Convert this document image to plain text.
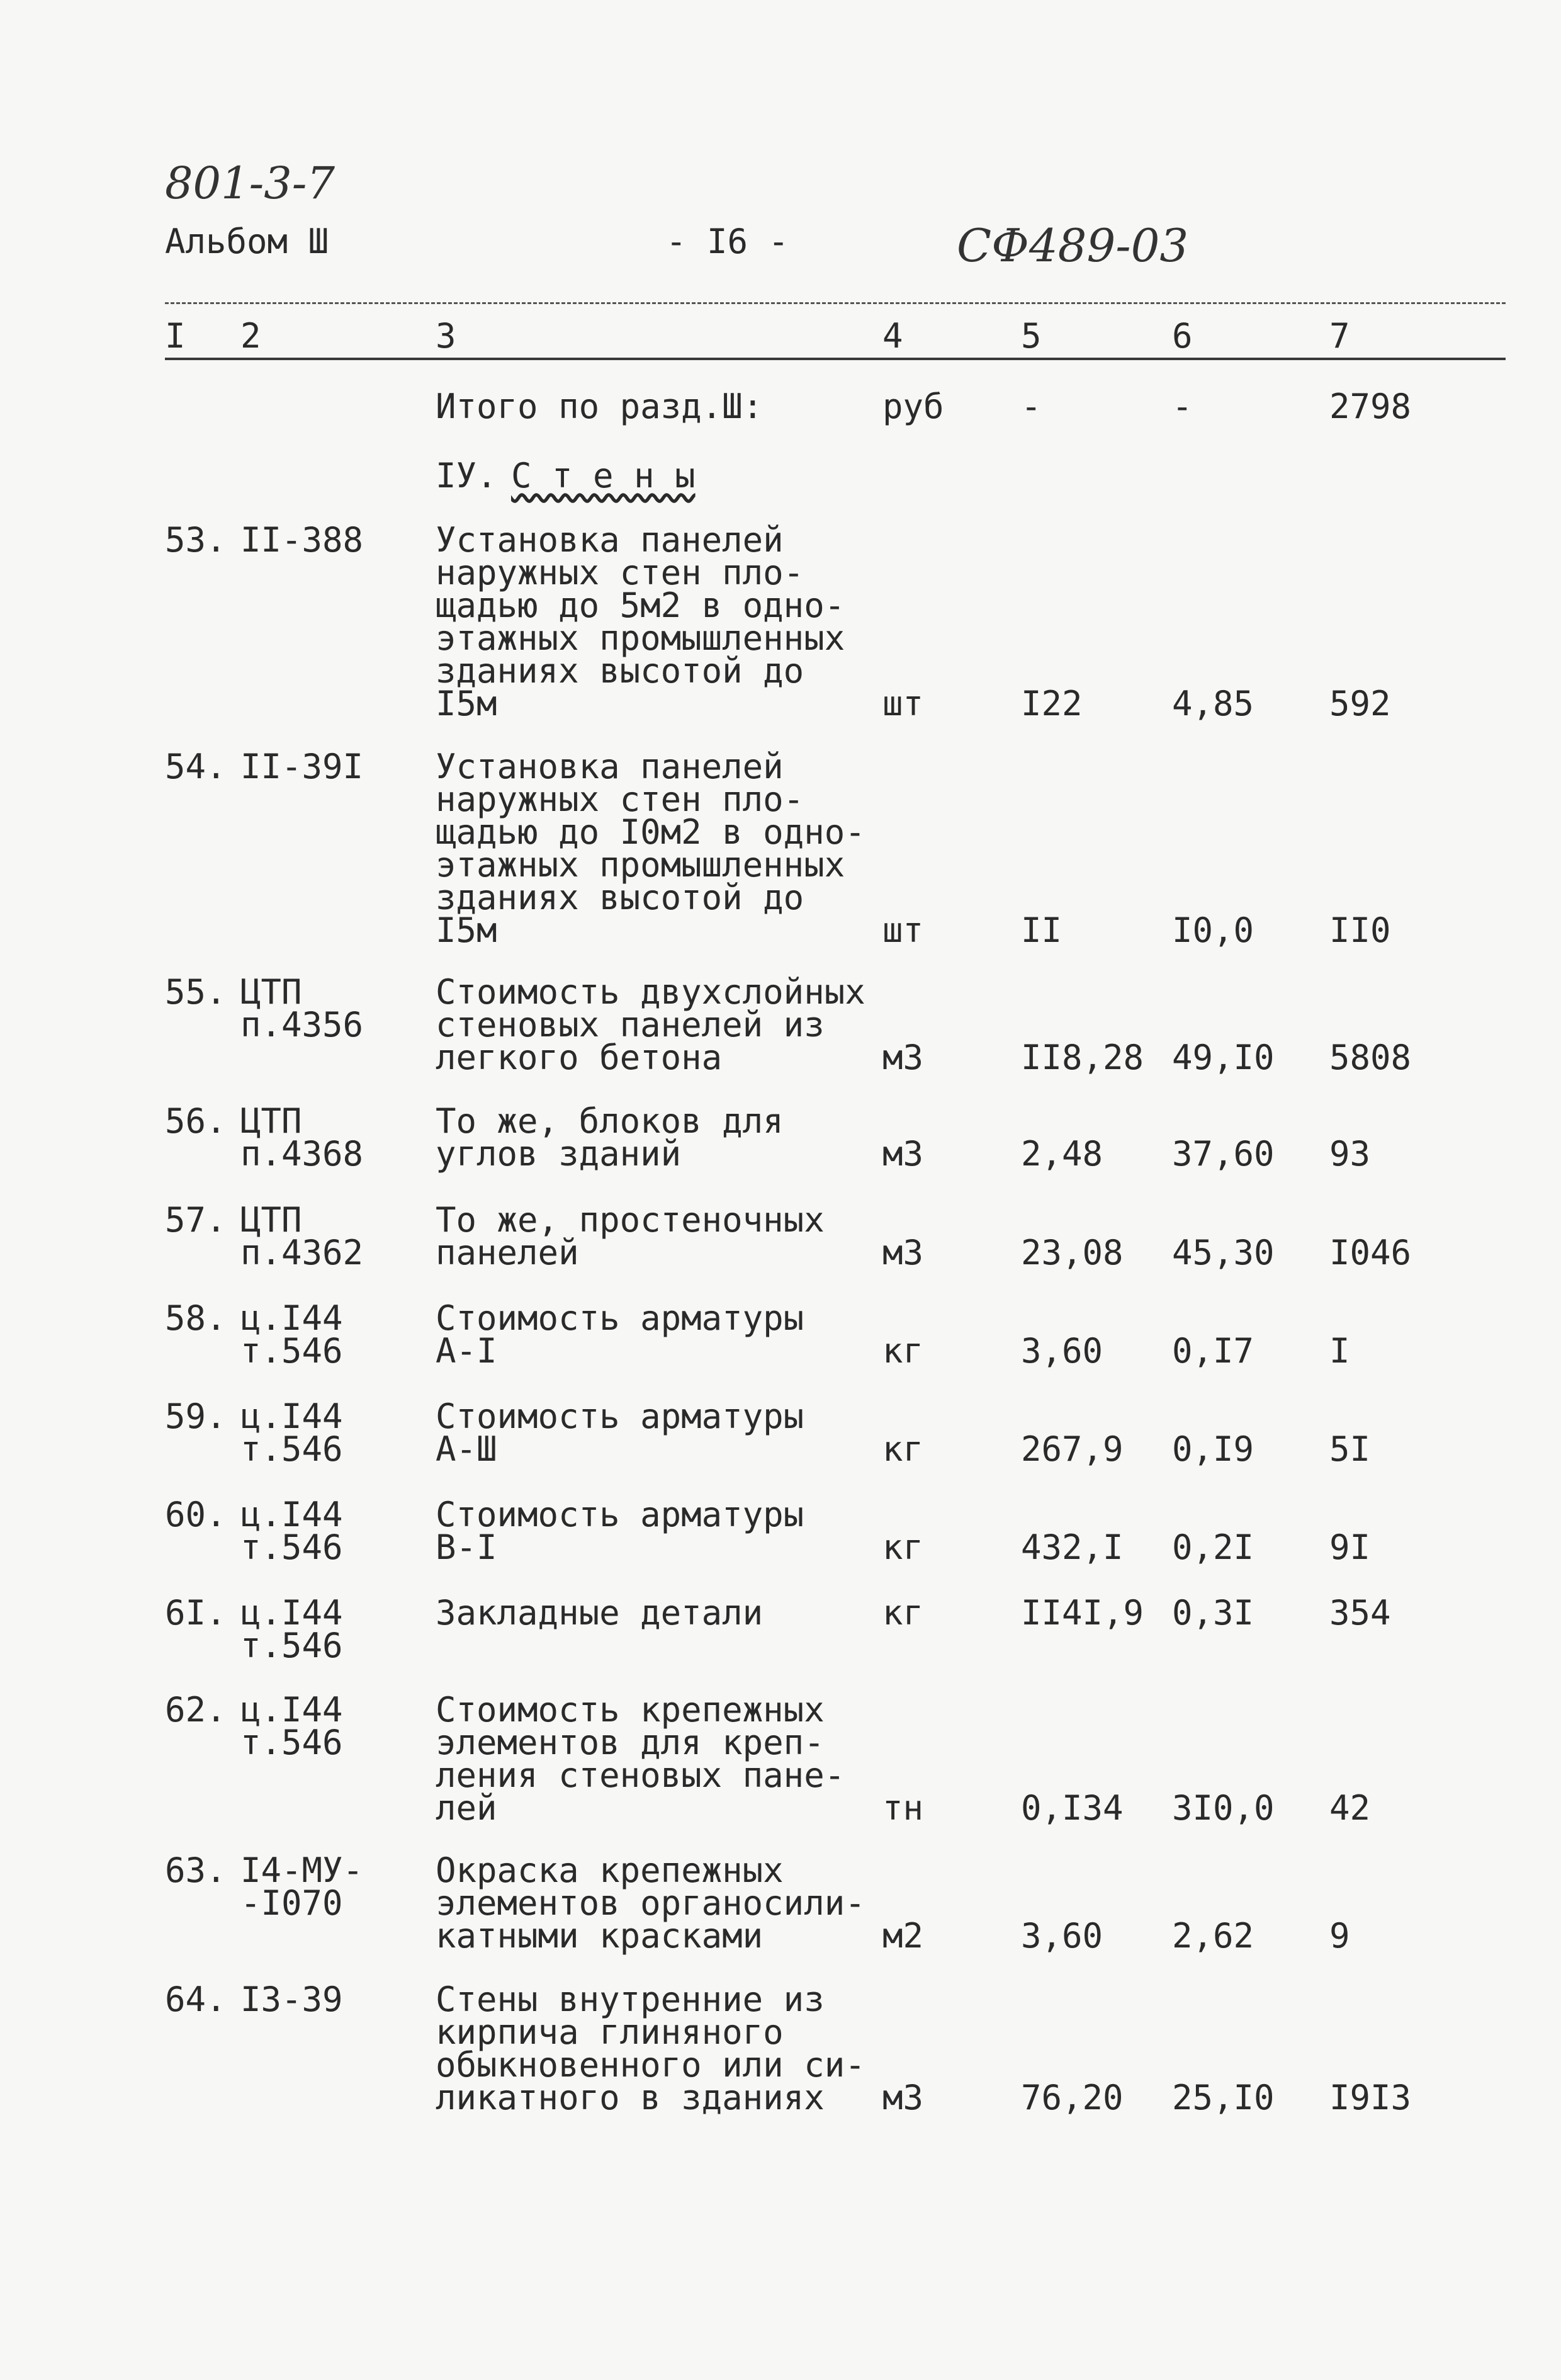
801-3-7
Альбом Ш	- I6 -	СФ489-03
I 2	3	4	5	6	7
Итого по разд.Ш:	руб -	-	2798
IУ. С т е н ы
53. II-388 Установка панелей
наружных стен пло-
щадью до 5м2 в одно-
этажных промышленных
зданиях высотой до
I5м	шт	I22	4,85 592
54. II-39I Установка панелей
наружных стен пло-
щадью до I0м2 в одно-
этажных промышленных
зданиях высотой до
I5м	шт	II	I0,0 II0
55. ЦТП
п.4356
Стоимость двухслойных
стеновых панелей из
легкого бетона	м3	II8,28 49,I0 5808
56. ЦТП
п.4368
То же, блоков для
углов зданий	м3	2,48 37,60 93
57. ЦТП
п.4362
То же, простеночных
панелей	м3	23,08 45,30 I046
58. ц.I44
т.546
Стоимость арматуры
А-I	кг	3,60 0,I7 I
59. ц.I44
т.546
Стоимость арматуры
А-Ш	кг	267,9 0,I9 5I
60. ц.I44
т.546
Стоимость арматуры
В-I	кг	432,I 0,2I 9I
6I. ц.I44
т.546
Закладные детали	кг	II4I,9 0,3I 354
62. ц.I44
т.546
Стоимость крепежных
элементов для креп-
ления стеновых пане-
лей	тн	0,I34 3I0,0 42
63. I4-МУ-
-I070
Окраска крепежных
элементов органосили-
катными красками	м2	3,60 2,62 9
64. I3-39	Стены внутренние из
кирпича глиняного
обыкновенного или си-
ликатного в зданиях м3	76,20 25,I0 I9I3
